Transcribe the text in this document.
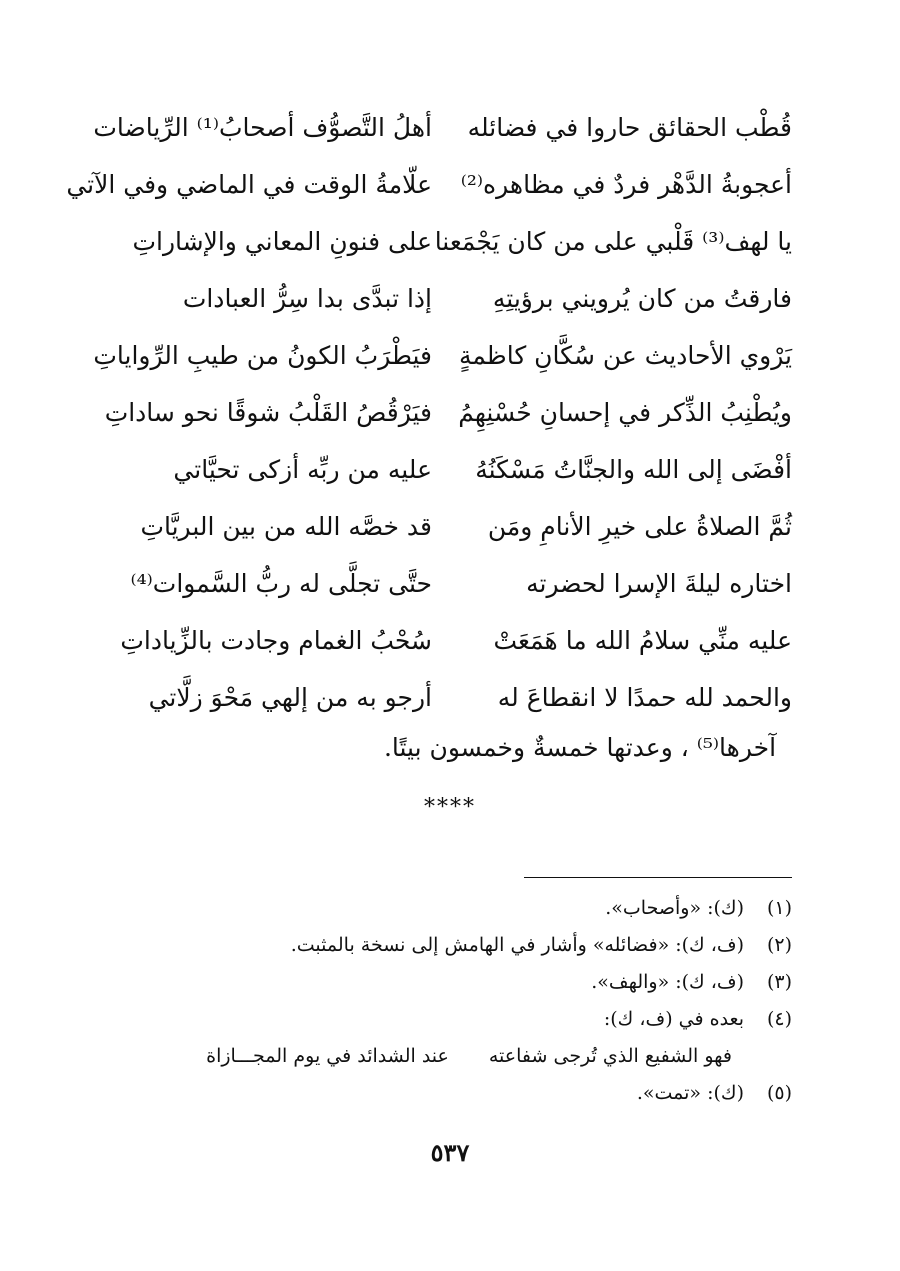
قُطْب الحقائق حاروا في فضائله
أهلُ التَّصوُّف أصحابُ⁽¹⁾ الرِّياضات
أعجوبةُ الدَّهْر فردٌ في مظاهره⁽²⁾
علّامةُ الوقت في الماضي وفي الآتي
يا لهف⁽³⁾ قَلْبي على من كان يَجْمَعنا
على فنونِ المعاني والإشاراتِ
فارقتُ من كان يُرويني برؤيتِهِ
إذا تبدَّى بدا سِرُّ العبادات
يَرْوي الأحاديث عن سُكَّانِ كاظمةٍ
فيَطْرَبُ الكونُ من طيبِ الرِّواياتِ
ويُطْنِبُ الذِّكر في إحسانِ حُسْنِهِمُ
فيَرْقُصُ القَلْبُ شوقًا نحو ساداتِ
أفْضَى إلى الله والجنَّاتُ مَسْكَنُهُ
عليه من ربِّه أزكى تحيَّاتي
ثُمَّ الصلاةُ على خيرِ الأنامِ ومَن
قد خصَّه الله من بين البريَّاتِ
اختاره ليلةَ الإسرا لحضرته
حتَّى تجلَّى له ربُّ السَّموات⁽⁴⁾
عليه منِّي سلامُ الله ما هَمَعَتْ
سُحْبُ الغمام وجادت بالزِّياداتِ
والحمد لله حمدًا لا انقطاعَ له
أرجو به من إلهي مَحْوَ زلَّاتي
آخرها⁽⁵⁾ ، وعدتها خمسةٌ وخمسون بيتًا.
****
(١)(ك): «وأصحاب».
(٢)(ف، ك): «فضائله» وأشار في الهامش إلى نسخة بالمثبت.
(٣)(ف، ك): «والهف».
(٤)بعده في (ف، ك):
فهو الشفيع الذي تُرجى شفاعته
عند الشدائد في يوم المجـــازاة
(٥)(ك): «تمت».
٥٣٧
